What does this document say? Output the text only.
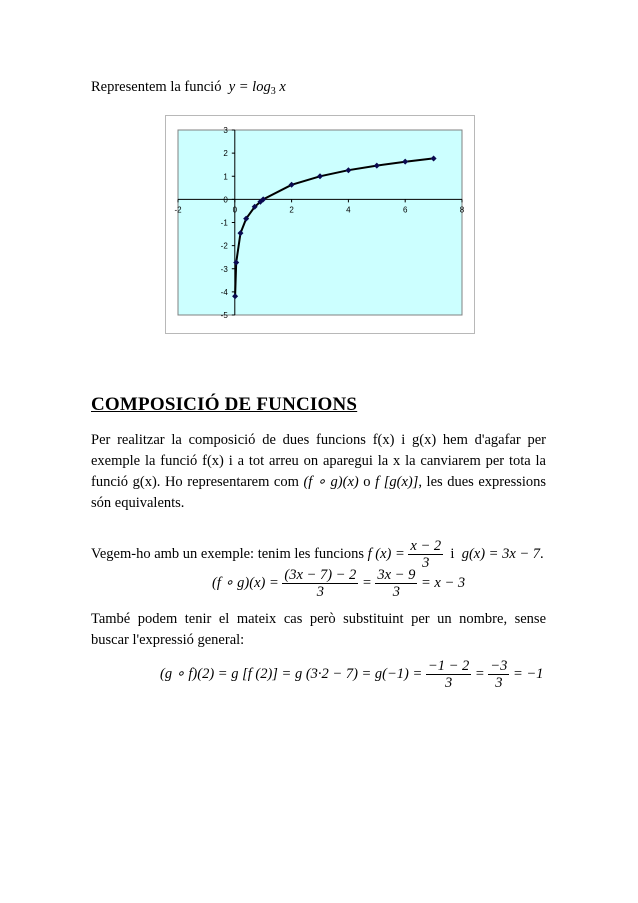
Representem la funció $y = \log_3 x$
-2	0	2	4	6	8
3
2
1
0
-1
-2
-3
-4
-5
COMPOSICIÓ DE FUNCIONS
Per realitzar la composició de dues funcions f(x) i g(x) hem d'agafar per
exemple la funció f(x) i a tot arreu on aparegui la x la canviarem per tota la
funció g(x). Ho representarem com (f ∘ g)(x) o f [g(x)], les dues expressions
són equivalents.
Vegem-ho amb un exemple: tenim les funcions f $(x) = \frac{x - 2}{3}$ i g(x) = 3x − 7.
(f ∘ $g)(x) = \frac{(3x - 7) - 2}{3} = \frac{3x - 9}{3} = x - 3$
També podem tenir el mateix cas però substituint per un nombre, sense
buscar l'expressió general:
(g ∘ f)(2) = g [f (2)] = g $(3\cdot 2 - 7) = g(-1) = \frac{-1 - 2}{3} = \frac{-3}{3} = -1$
